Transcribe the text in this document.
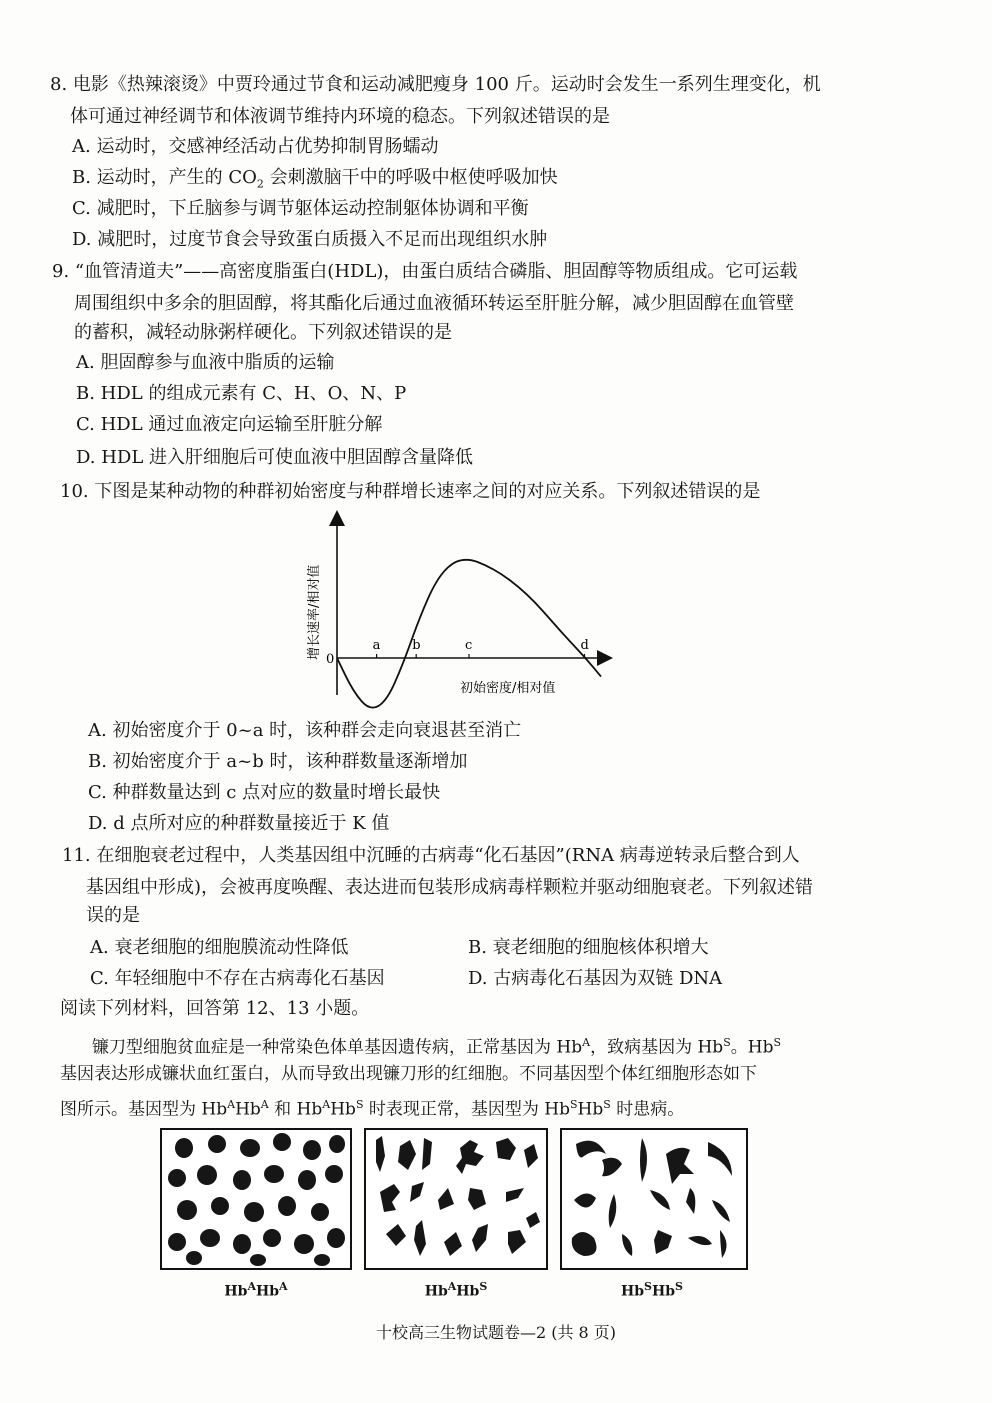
8. 电影《热辣滚烫》中贾玲通过节食和运动减肥瘦身 100 斤。运动时会发生一系列生理变化，机
体可通过神经调节和体液调节维持内环境的稳态。下列叙述错误的是
A. 运动时，交感神经活动占优势抑制胃肠蠕动
B. 运动时，产生的 $CO_2$ 会刺激脑干中的呼吸中枢使呼吸加快
C. 减肥时，下丘脑参与调节躯体运动控制躯体协调和平衡
D. 减肥时，过度节食会导致蛋白质摄入不足而出现组织水肿
9. “血管清道夫”——高密度脂蛋白(HDL)，由蛋白质结合磷脂、胆固醇等物质组成。它可运载
周围组织中多余的胆固醇，将其酯化后通过血液循环转运至肝脏分解，减少胆固醇在血管壁
的蓄积，减轻动脉粥样硬化。下列叙述错误的是
A. 胆固醇参与血液中脂质的运输
B. HDL 的组成元素有 C、H、O、N、P
C. HDL 通过血液定向运输至肝脏分解
D. HDL 进入肝细胞后可使血液中胆固醇含量降低
10. 下图是某种动物的种群初始密度与种群增长速率之间的对应关系。下列叙述错误的是
a b	c	d
0
增长速率/相对值
初始密度/相对值
A. 初始密度介于 0~a 时，该种群会走向衰退甚至消亡
B. 初始密度介于 a~b 时，该种群数量逐渐增加
C. 种群数量达到 c 点对应的数量时增长最快
D. d 点所对应的种群数量接近于 K 值
11. 在细胞衰老过程中，人类基因组中沉睡的古病毒“化石基因”(RNA 病毒逆转录后整合到人
基因组中形成)，会被再度唤醒、表达进而包装形成病毒样颗粒并驱动细胞衰老。下列叙述错
误的是
A. 衰老细胞的细胞膜流动性降低	B. 衰老细胞的细胞核体积增大
C. 年轻细胞中不存在古病毒化石基因	D. 古病毒化石基因为双链 DNA
阅读下列材料，回答第 12、13 小题。
镰刀型细胞贫血症是一种常染色体单基因遗传病，正常基因为 $Hb^A$，致病基因为 $Hb^S$。$Hb^S$
基因表达形成镰状血红蛋白，从而导致出现镰刀形的红细胞。不同基因型个体红细胞形态如下
图所示。基因型为 $Hb^AHb^A$ 和 $Hb^AHb^S$ 时表现正常，基因型为 $Hb^SHb^S$ 时患病。
$Hb^AHb^A$	$Hb^AHb^S$	$Hb^SHb^S$
十校高三生物试题卷—2 (共 8 页)
